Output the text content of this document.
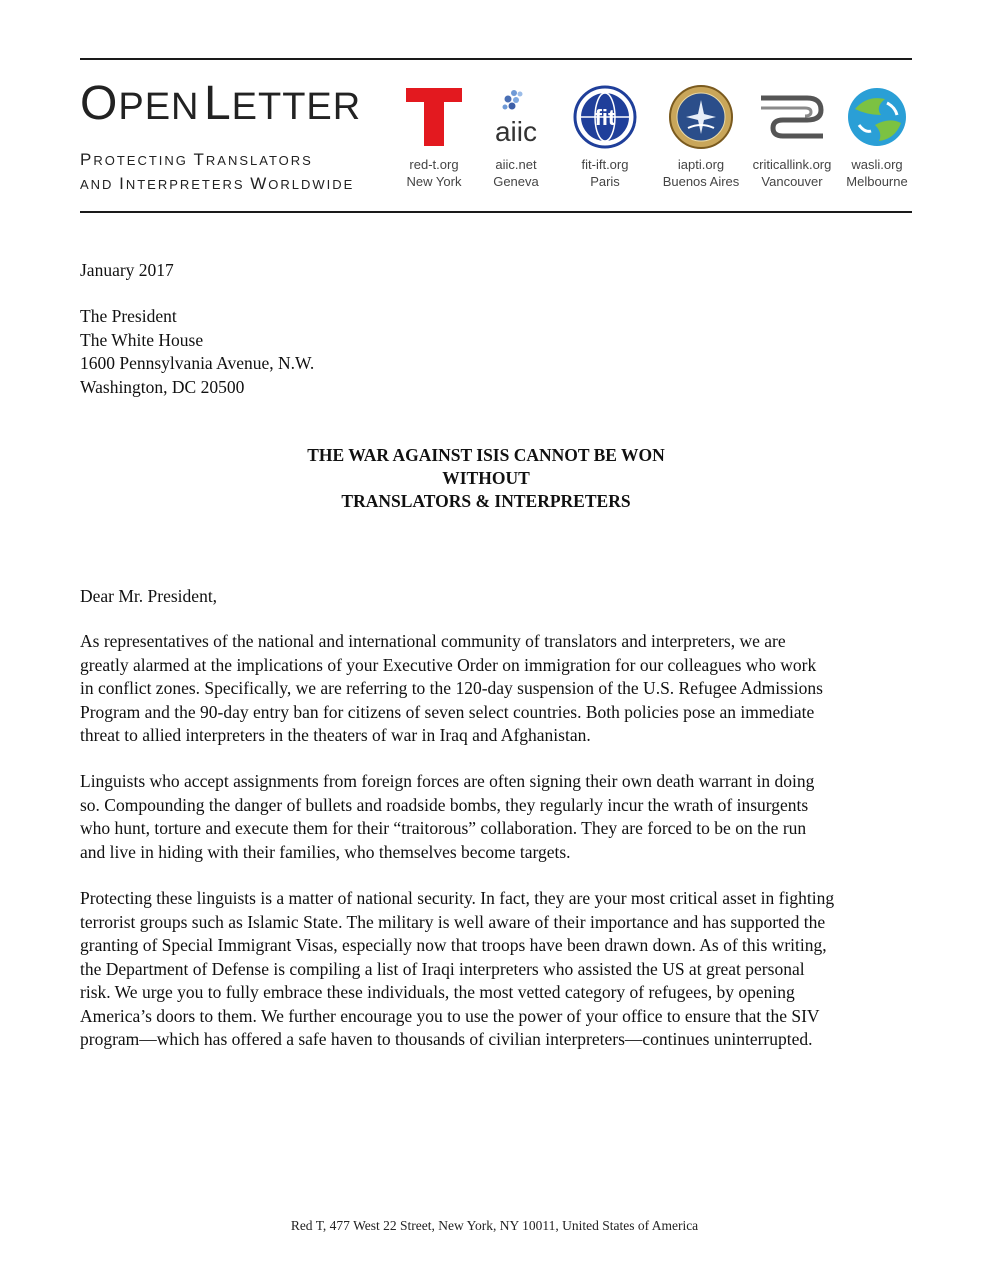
OPEN LETTER
PROTECTING TRANSLATORS
AND INTERPRETERS WORLDWIDE
red-t.org
New York
aiic
aiic.net
Geneva
fit
fit-ift.org
Paris
iapti.org
Buenos Aires
criticallink.org
Vancouver
wasli.org
Melbourne
January 2017
The President
The White House
1600 Pennsylvania Avenue, N.W.
Washington, DC 20500
THE WAR AGAINST ISIS CANNOT BE WON
WITHOUT
TRANSLATORS & INTERPRETERS
Dear Mr. President,
As representatives of the national and international community of translators and interpreters, we are
greatly alarmed at the implications of your Executive Order on immigration for our colleagues who work
in conflict zones. Specifically, we are referring to the 120-day suspension of the U.S. Refugee Admissions
Program and the 90-day entry ban for citizens of seven select countries. Both policies pose an immediate
threat to allied interpreters in the theaters of war in Iraq and Afghanistan.
Linguists who accept assignments from foreign forces are often signing their own death warrant in doing
so. Compounding the danger of bullets and roadside bombs, they regularly incur the wrath of insurgents
who hunt, torture and execute them for their “traitorous” collaboration. They are forced to be on the run
and live in hiding with their families, who themselves become targets.
Protecting these linguists is a matter of national security. In fact, they are your most critical asset in fighting
terrorist groups such as Islamic State. The military is well aware of their importance and has supported the
granting of Special Immigrant Visas, especially now that troops have been drawn down. As of this writing,
the Department of Defense is compiling a list of Iraqi interpreters who assisted the US at great personal
risk. We urge you to fully embrace these individuals, the most vetted category of refugees, by opening
America’s doors to them. We further encourage you to use the power of your office to ensure that the SIV
program—which has offered a safe haven to thousands of civilian interpreters—continues uninterrupted.
Red T, 477 West 22 Street, New York, NY 10011, United States of America
